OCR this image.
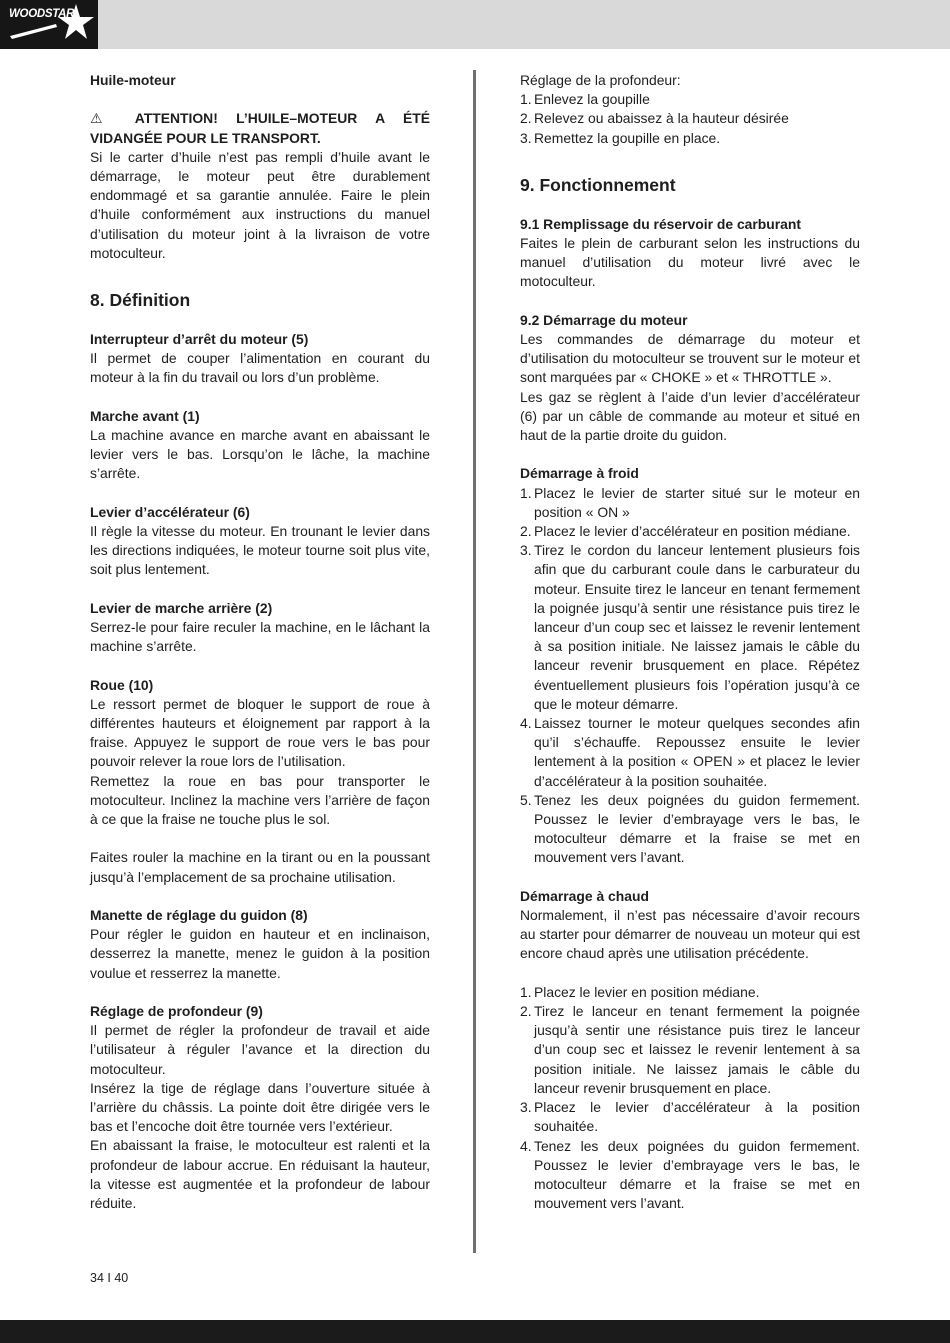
WOODSTAR
Huile-moteur
⚠ ATTENTION! L’HUILE–MOTEUR A ÉTÉ VIDANGÉE POUR LE TRANSPORT.
Si le carter d’huile n’est pas rempli d’huile avant le démarrage, le moteur peut être durablement endommagé et sa garantie annulée. Faire le plein d’huile conformément aux instructions du manuel d’utilisation du moteur joint à la livraison de votre motoculteur.
8. Définition
Interrupteur d’arrêt du moteur (5)
Il permet de couper l’alimentation en courant du moteur à la fin du travail ou lors d’un problème.
Marche avant (1)
La machine avance en marche avant en abaissant le levier vers le bas. Lorsqu’on le lâche, la machine s’arrête.
Levier d’accélérateur (6)
Il règle la vitesse du moteur. En trounant le levier dans les directions indiquées, le moteur tourne soit plus vite, soit plus lentement.
Levier de marche arrière (2)
Serrez-le pour faire reculer la machine, en le lâchant la machine s’arrête.
Roue (10)
Le ressort permet de bloquer le support de roue à différentes hauteurs et éloignement par rapport à la fraise. Appuyez le support de roue vers le bas pour pouvoir relever la roue lors de l’utilisation.
Remettez la roue en bas pour transporter le motoculteur. Inclinez la machine vers l’arrière de façon à ce que la fraise ne touche plus le sol.
Faites rouler la machine en la tirant ou en la poussant jusqu’à l’emplacement de sa prochaine utilisation.
Manette de réglage du guidon (8)
Pour régler le guidon en hauteur et en inclinaison, desserrez la manette, menez le guidon à la position voulue et resserrez la manette.
Réglage de profondeur (9)
Il permet de régler la profondeur de travail et aide l’utilisateur à réguler l’avance et la direction du motoculteur.
Insérez la tige de réglage dans l’ouverture située à l’arrière du châssis. La pointe doit être dirigée vers le bas et l’encoche doit être tournée vers l’extérieur.
En abaissant la fraise, le motoculteur est ralenti et la profondeur de labour accrue. En réduisant la hauteur, la vitesse est augmentée et la profondeur de labour réduite.
Réglage de la profondeur:
1. Enlevez la goupille
2. Relevez ou abaissez à la hauteur désirée
3. Remettez la goupille en place.
9. Fonctionnement
9.1 Remplissage du réservoir de carburant
Faites le plein de carburant selon les instructions du manuel d’utilisation du moteur livré avec le motoculteur.
9.2 Démarrage du moteur
Les commandes de démarrage du moteur et d’utilisation du motoculteur se trouvent sur le moteur et sont marquées par « CHOKE » et « THROTTLE ».
Les gaz se règlent à l’aide d’un levier d’accélérateur (6) par un câble de commande au moteur et situé en haut de la partie droite du guidon.
Démarrage à froid
1. Placez le levier de starter situé sur le moteur en position « ON »
2. Placez le levier d’accélérateur en position médiane.
3. Tirez le cordon du lanceur lentement plusieurs fois afin que du carburant coule dans le carburateur du moteur. Ensuite tirez le lanceur en tenant fermement la poignée jusqu’à sentir une résistance puis tirez le lanceur d’un coup sec et laissez le revenir lentement à sa position initiale. Ne laissez jamais le câble du lanceur revenir brusquement en place. Répétez éventuellement plusieurs fois l’opération jusqu’à ce que le moteur démarre.
4. Laissez tourner le moteur quelques secondes afin qu’il s’échauffe. Repoussez ensuite le levier lentement à la position « OPEN » et placez le levier d’accélérateur à la position souhaitée.
5. Tenez les deux poignées du guidon fermement. Poussez le levier d’embrayage vers le bas, le motoculteur démarre et la fraise se met en mouvement vers l’avant.
Démarrage à chaud
Normalement, il n’est pas nécessaire d’avoir recours au starter pour démarrer de nouveau un moteur qui est encore chaud après une utilisation précédente.
1. Placez le levier en position médiane.
2. Tirez le lanceur en tenant fermement la poignée jusqu’à sentir une résistance puis tirez le lanceur d’un coup sec et laissez le revenir lentement à sa position initiale. Ne laissez jamais le câble du lanceur revenir brusquement en place.
3. Placez le levier d’accélérateur à la position souhaitée.
4. Tenez les deux poignées du guidon fermement. Poussez le levier d’embrayage vers le bas, le motoculteur démarre et la fraise se met en mouvement vers l’avant.
34 I 40
